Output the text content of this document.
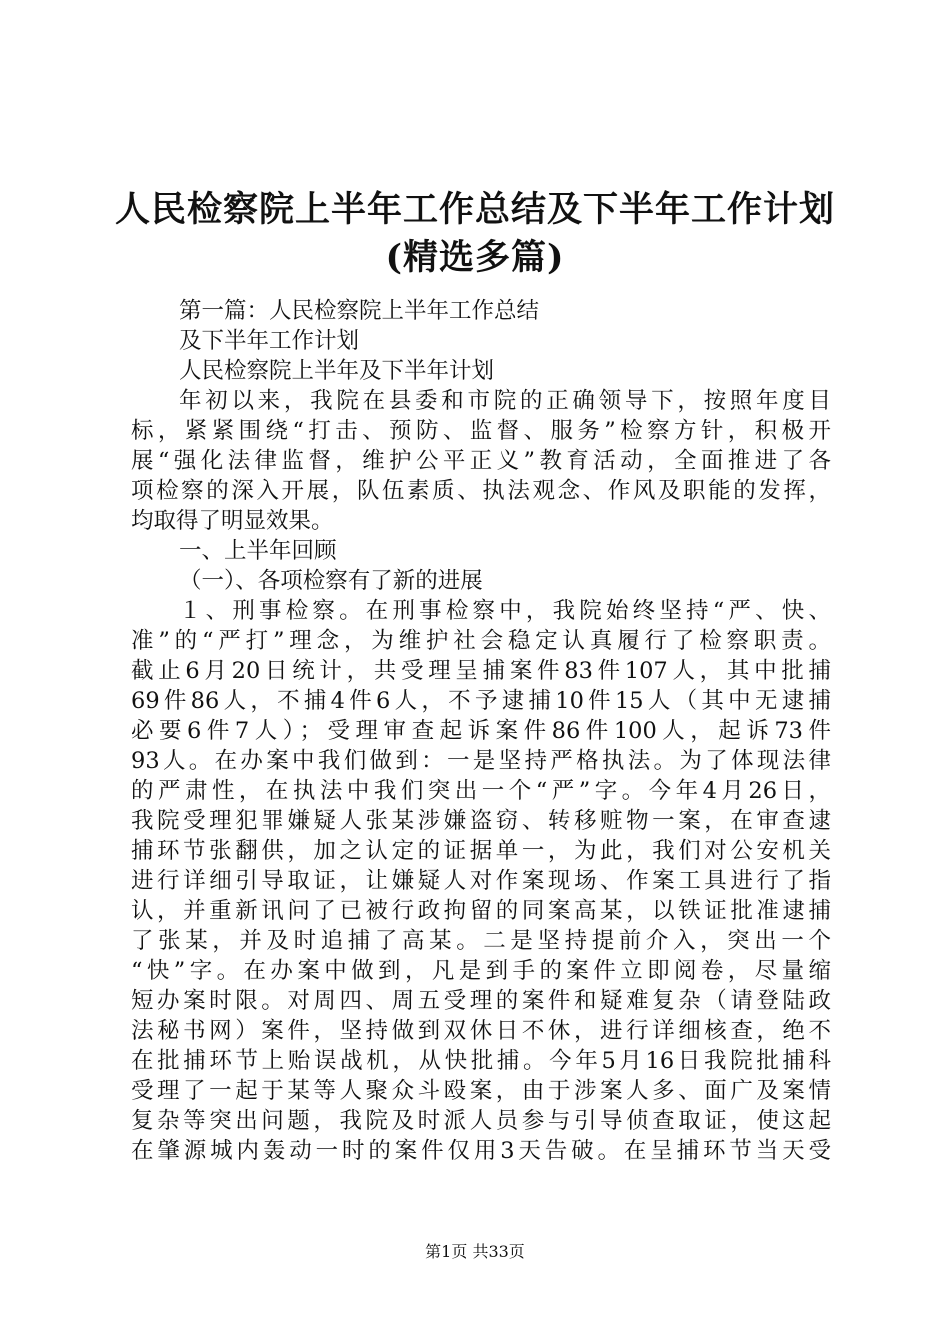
人民检察院上半年工作总结及下半年工作计划
(精选多篇)
第一篇：人民检察院上半年工作总结
及下半年工作计划
人民检察院上半年及下半年计划
年初以来，我院在县委和市院的正确领导下，按照年度目
标，紧紧围绕“打击、预防、监督、服务”检察方针，积极开
展“强化法律监督，维护公平正义”教育活动，全面推进了各
项检察的深入开展，队伍素质、执法观念、作风及职能的发挥，
均取得了明显效果。
一、上半年回顾
（一）、各项检察有了新的进展
１、刑事检察。在刑事检察中，我院始终坚持“严、快、
准”的“严打”理念，为维护社会稳定认真履行了检察职责。
截止6月20日统计，共受理呈捕案件83件107人，其中批捕
69件86人，不捕4件6人，不予逮捕10件15人（其中无逮捕
必要6件7人）；受理审查起诉案件86件100人，起诉73件
93人。在办案中我们做到：一是坚持严格执法。为了体现法律
的严肃性，在执法中我们突出一个“严”字。今年4月26日，
我院受理犯罪嫌疑人张某涉嫌盗窃、转移赃物一案，在审查逮
捕环节张翻供，加之认定的证据单一，为此，我们对公安机关
进行详细引导取证，让嫌疑人对作案现场、作案工具进行了指
认，并重新讯问了已被行政拘留的同案高某，以铁证批准逮捕
了张某，并及时追捕了高某。二是坚持提前介入，突出一个
“快”字。在办案中做到，凡是到手的案件立即阅卷，尽量缩
短办案时限。对周四、周五受理的案件和疑难复杂（请登陆政
法秘书网）案件，坚持做到双休日不休，进行详细核查，绝不
在批捕环节上贻误战机，从快批捕。今年5月16日我院批捕科
受理了一起于某等人聚众斗殴案，由于涉案人多、面广及案情
复杂等突出问题，我院及时派人员参与引导侦查取证，使这起
在肇源城内轰动一时的案件仅用3天告破。在呈捕环节当天受
第1页 共33页
